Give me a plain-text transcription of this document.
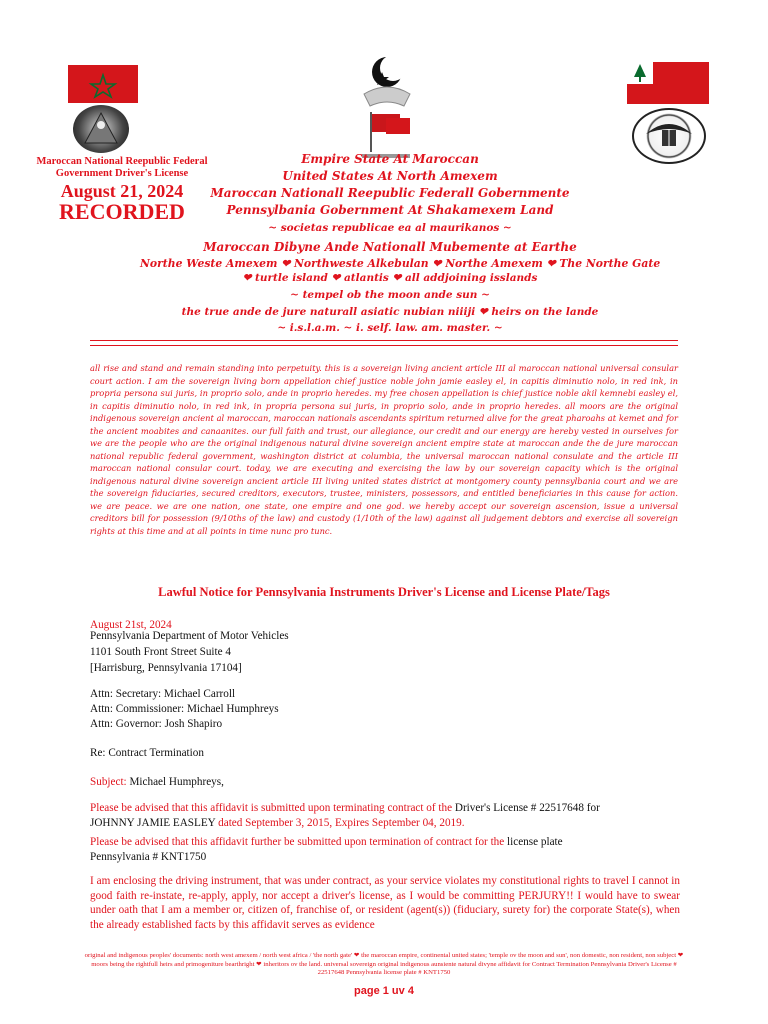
Maroccan National Reepublic Federal
Government Driver's License
August 21, 2024
RECORDED
Empire State At Maroccan
United States At North Amexem
Maroccan Nationall Reepublic Federall Gobernmente
Pennsylbania Gobernment At Shakamexem Land
~ societas republicae ea al maurikanos ~
Maroccan Dibyne Ande Nationall Mubemente at Earthe
Northe Weste Amexem ❤ Northweste Alkebulan ❤ Northe Amexem ❤ The Northe Gate
❤ turtle island ❤ atlantis ❤ all addjoining isslands
~ tempel ob the moon ande sun ~
the true ande de jure naturall asiatic nubian niiiji ❤ heirs on the lande
~ i.s.l.a.m. ~ i. self. law. am. master. ~
all rise and stand and remain standing into perpetuity. this is a sovereign living ancient article III al maroccan national universal consular court action. I am the sovereign living born appellation chief justice noble john jamie easley el, in capitis diminutio nolo, in red ink, in propria persona sui juris, in proprio solo, ande in proprio heredes. my free chosen appellation is chief justice noble akil kemnebi easley el, in capitis diminutio nolo, in red ink, in propria persona sui juris, in proprio solo, ande in proprio heredes. all moors are the original indigenous sovereign ancient al maroccan, maroccan nationals ascendants spiritum returned alive for the great pharoahs at kemet and for the ancient moabites and canaanites. our full faith and trust, our allegiance, our credit and our energy are hereby vested in ourselves for we are the people who are the original indigenous natural divine sovereign ancient empire state at maroccan ande the de jure maroccan national republic federal government, washington district at columbia, the universal maroccan national consulate and the article III maroccan national consular court. today, we are executing and exercising the law by our sovereign capacity which is the original indigenous natural divine sovereign ancient article III living united states district at montgomery county pennsylbania court and we are the sovereign fiduciaries, secured creditors, executors, trustee, ministers, possessors, and entitled beneficiaries in this cause for action. we are peace. we are one nation, one state, one empire and one god. we hereby accept our sovereign ascension, issue a universal creditors bill for possession (9/10ths of the law) and custody (1/10th of the law) against all judgement debtors and exercise all sovereign rights at this time and at all points in time nunc pro tunc.
Lawful Notice for Pennsylvania Instruments Driver's License and License Plate/Tags
August 21st, 2024
Pennsylvania Department of Motor Vehicles
1101 South Front Street Suite 4
[Harrisburg, Pennsylvania 17104]
Attn: Secretary: Michael Carroll
Attn: Commissioner: Michael Humphreys
Attn: Governor: Josh Shapiro
Re: Contract Termination
Subject: Michael Humphreys,
Please be advised that this affidavit is submitted upon terminating contract of the Driver's License # 22517648 for
JOHNNY JAMIE EASLEY dated September 3, 2015, Expires September 04, 2019.
Please be advised that this affidavit further be submitted upon termination of contract for the license plate
Pennsylvania # KNT1750
I am enclosing the driving instrument, that was under contract, as your service violates my constitutional rights to travel I cannot in good faith re-instate, re-apply, apply, nor accept a driver's license, as I would be committing PERJURY!! I would have to swear under oath that I am a member or, citizen of, franchise of, or resident (agent(s)) (fiduciary, surety for) the corporate State(s), when the already established facts by this affidavit serves as evidence
original and indigenous peoples' documents: north west amexem / north west africa / 'the north gate' ❤ the maroccan empire, continental united states; 'temple ov the moon and sun', non domestic, non resident, non subject ❤ moors being the rightfull heirs and primogeniture bearthright ❤ inheritors ov the land. universal sovereign original indigenous aunsiente natural divyne affidavit for Contract Termination Pennsylvania Driver's License # 22517648 Pennsylvania license plate # KNT1750
page 1 uv 4
